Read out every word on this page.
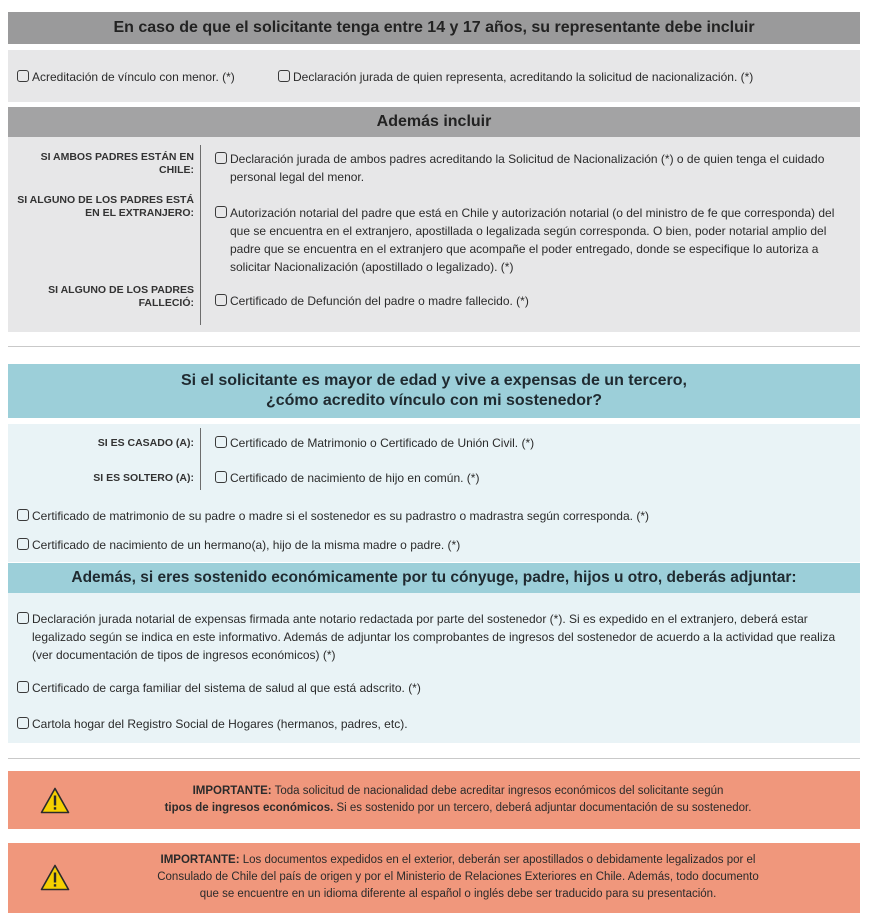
En caso de que el solicitante tenga entre 14 y 17 años, su representante debe incluir
Acreditación de vínculo con menor. (*)	Declaración jurada de quien representa, acreditando la solicitud de nacionalización. (*)
Además incluir
SI AMBOS PADRES ESTÁN EN CHILE:
Declaración jurada de ambos padres acreditando la Solicitud de Nacionalización (*) o de quien tenga el cuidado personal legal del menor.
SI ALGUNO DE LOS PADRES ESTÁ EN EL EXTRANJERO:	Autorización notarial del padre que está en Chile y autorización notarial (o del ministro de fe que corresponda) del que se encuentra en el extranjero, apostillada o legalizada según corresponda. O bien, poder notarial amplio del padre que se encuentra en el extranjero que acompañe el poder entregado, donde se especifique lo autoriza a solicitar Nacionalización (apostillado o legalizado). (*)
SI ALGUNO DE LOS PADRES FALLECIÓ:	Certificado de Defunción del padre o madre fallecido. (*)
Si el solicitante es mayor de edad y vive a expensas de un tercero,
¿cómo acredito vínculo con mi sostenedor?
SI ES CASADO (A):	Certificado de Matrimonio o Certificado de Unión Civil. (*)
SI ES SOLTERO (A):	Certificado de nacimiento de hijo en común. (*)
Certificado de matrimonio de su padre o madre si el sostenedor es su padrastro o madrastra según corresponda. (*)
Certificado de nacimiento de un hermano(a), hijo de la misma madre o padre. (*)
Además, si eres sostenido económicamente por tu cónyuge, padre, hijos u otro, deberás adjuntar:
Declaración jurada notarial de expensas firmada ante notario redactada por parte del sostenedor (*). Si es expedido en el extranjero, deberá estar legalizado según se indica en este informativo. Además de adjuntar los comprobantes de ingresos del sostenedor de acuerdo a la actividad que realiza (ver documentación de tipos de ingresos económicos) (*)
Certificado de carga familiar del sistema de salud al que está adscrito. (*)
Cartola hogar del Registro Social de Hogares (hermanos, padres, etc).
IMPORTANTE: Toda solicitud de nacionalidad debe acreditar ingresos económicos del solicitante según
tipos de ingresos económicos. Si es sostenido por un tercero, deberá adjuntar documentación de su sostenedor.
IMPORTANTE: Los documentos expedidos en el exterior, deberán ser apostillados o debidamente legalizados por el
Consulado de Chile del país de origen y por el Ministerio de Relaciones Exteriores en Chile. Además, todo documento
que se encuentre en un idioma diferente al español o inglés debe ser traducido para su presentación.
